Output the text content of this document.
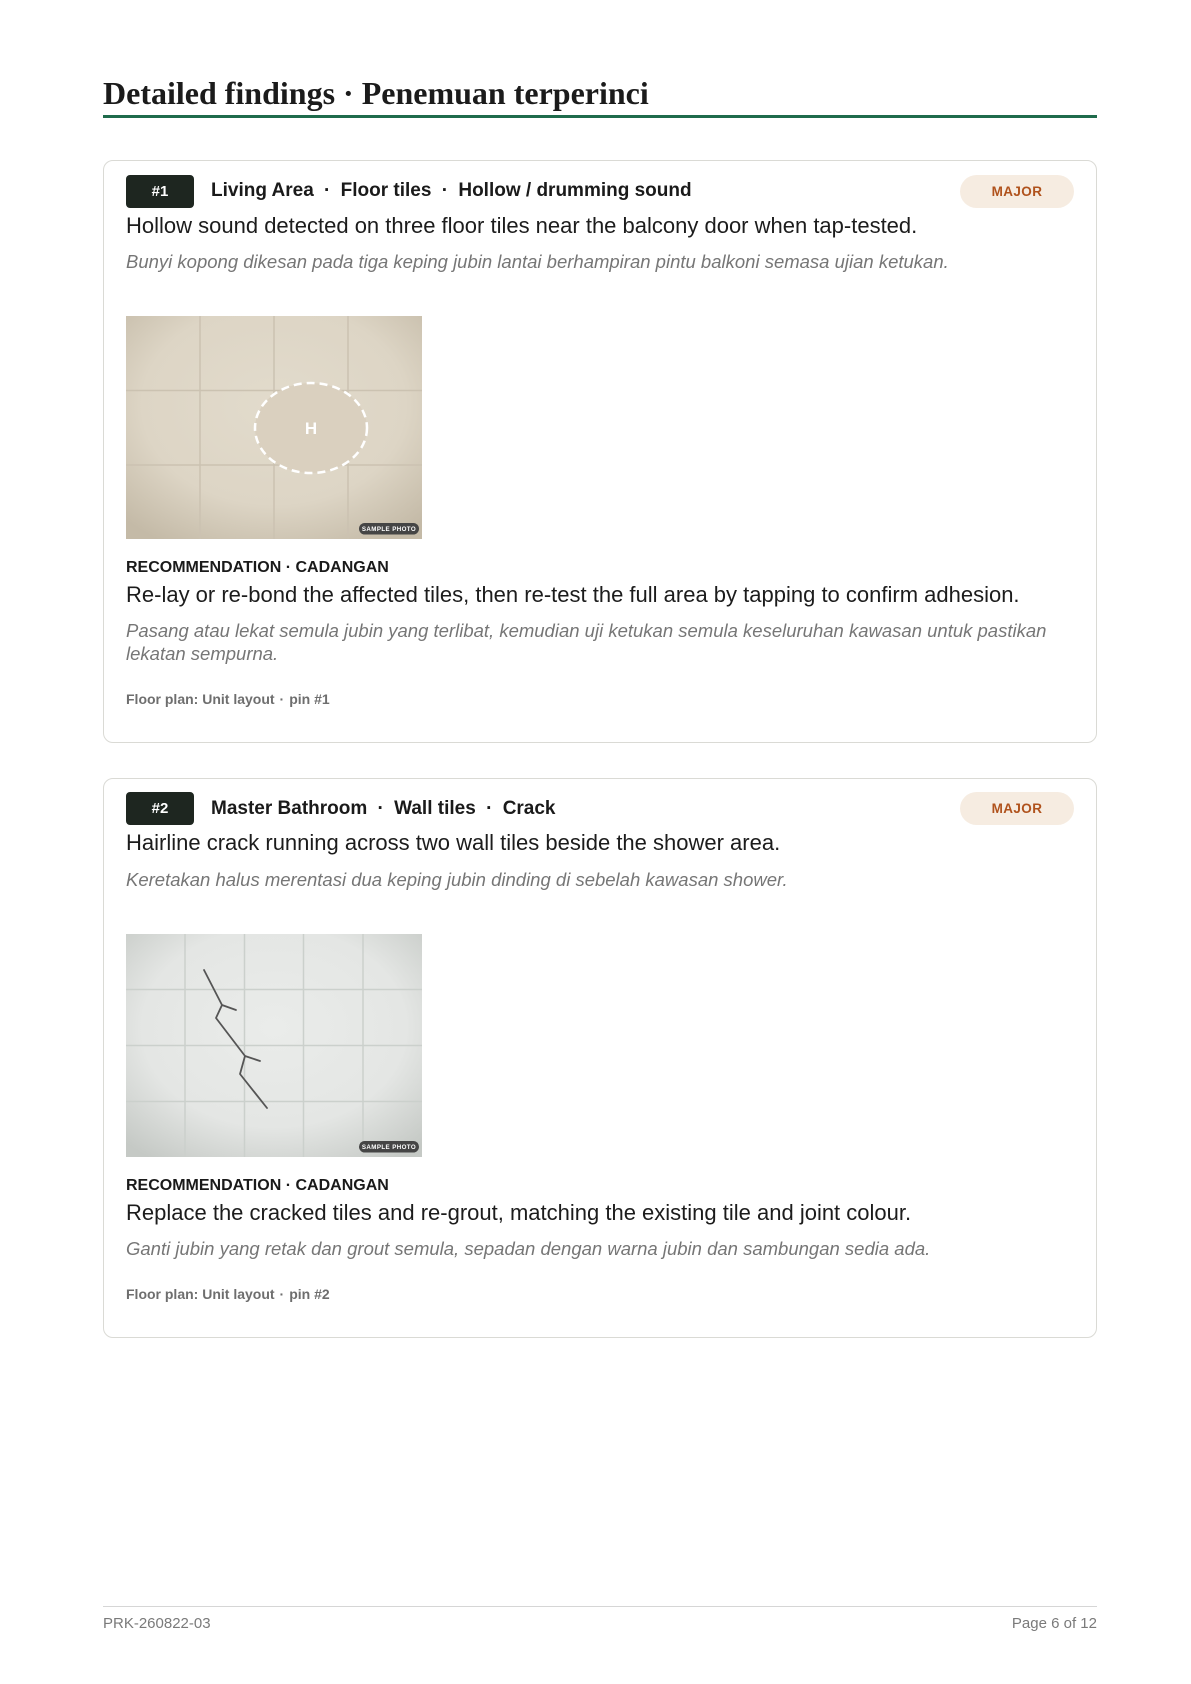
Detailed findings · Penemuan terperinci
#1	Living Area · Floor tiles · Hollow / drumming sound	MAJOR

Hollow sound detected on three floor tiles near the balcony door when tap-tested.

Bunyi kopong dikesan pada tiga keping jubin lantai berhampiran pintu balkoni semasa ujian ketukan.

H
SAMPLE PHOTO
RECOMMENDATION · CADANGAN

Re-lay or re-bond the affected tiles, then re-test the full area by tapping to confirm adhesion.

Pasang atau lekat semula jubin yang terlibat, kemudian uji ketukan semula keseluruhan kawasan untuk pastikan lekatan sempurna.

Floor plan: Unit layout · pin #1
#2	Master Bathroom · Wall tiles · Crack	MAJOR

Hairline crack running across two wall tiles beside the shower area.

Keretakan halus merentasi dua keping jubin dinding di sebelah kawasan shower.

SAMPLE PHOTO
RECOMMENDATION · CADANGAN

Replace the cracked tiles and re-grout, matching the existing tile and joint colour.

Ganti jubin yang retak dan grout semula, sepadan dengan warna jubin dan sambungan sedia ada.

Floor plan: Unit layout · pin #2
PRK-260822-03	Page 6 of 12
